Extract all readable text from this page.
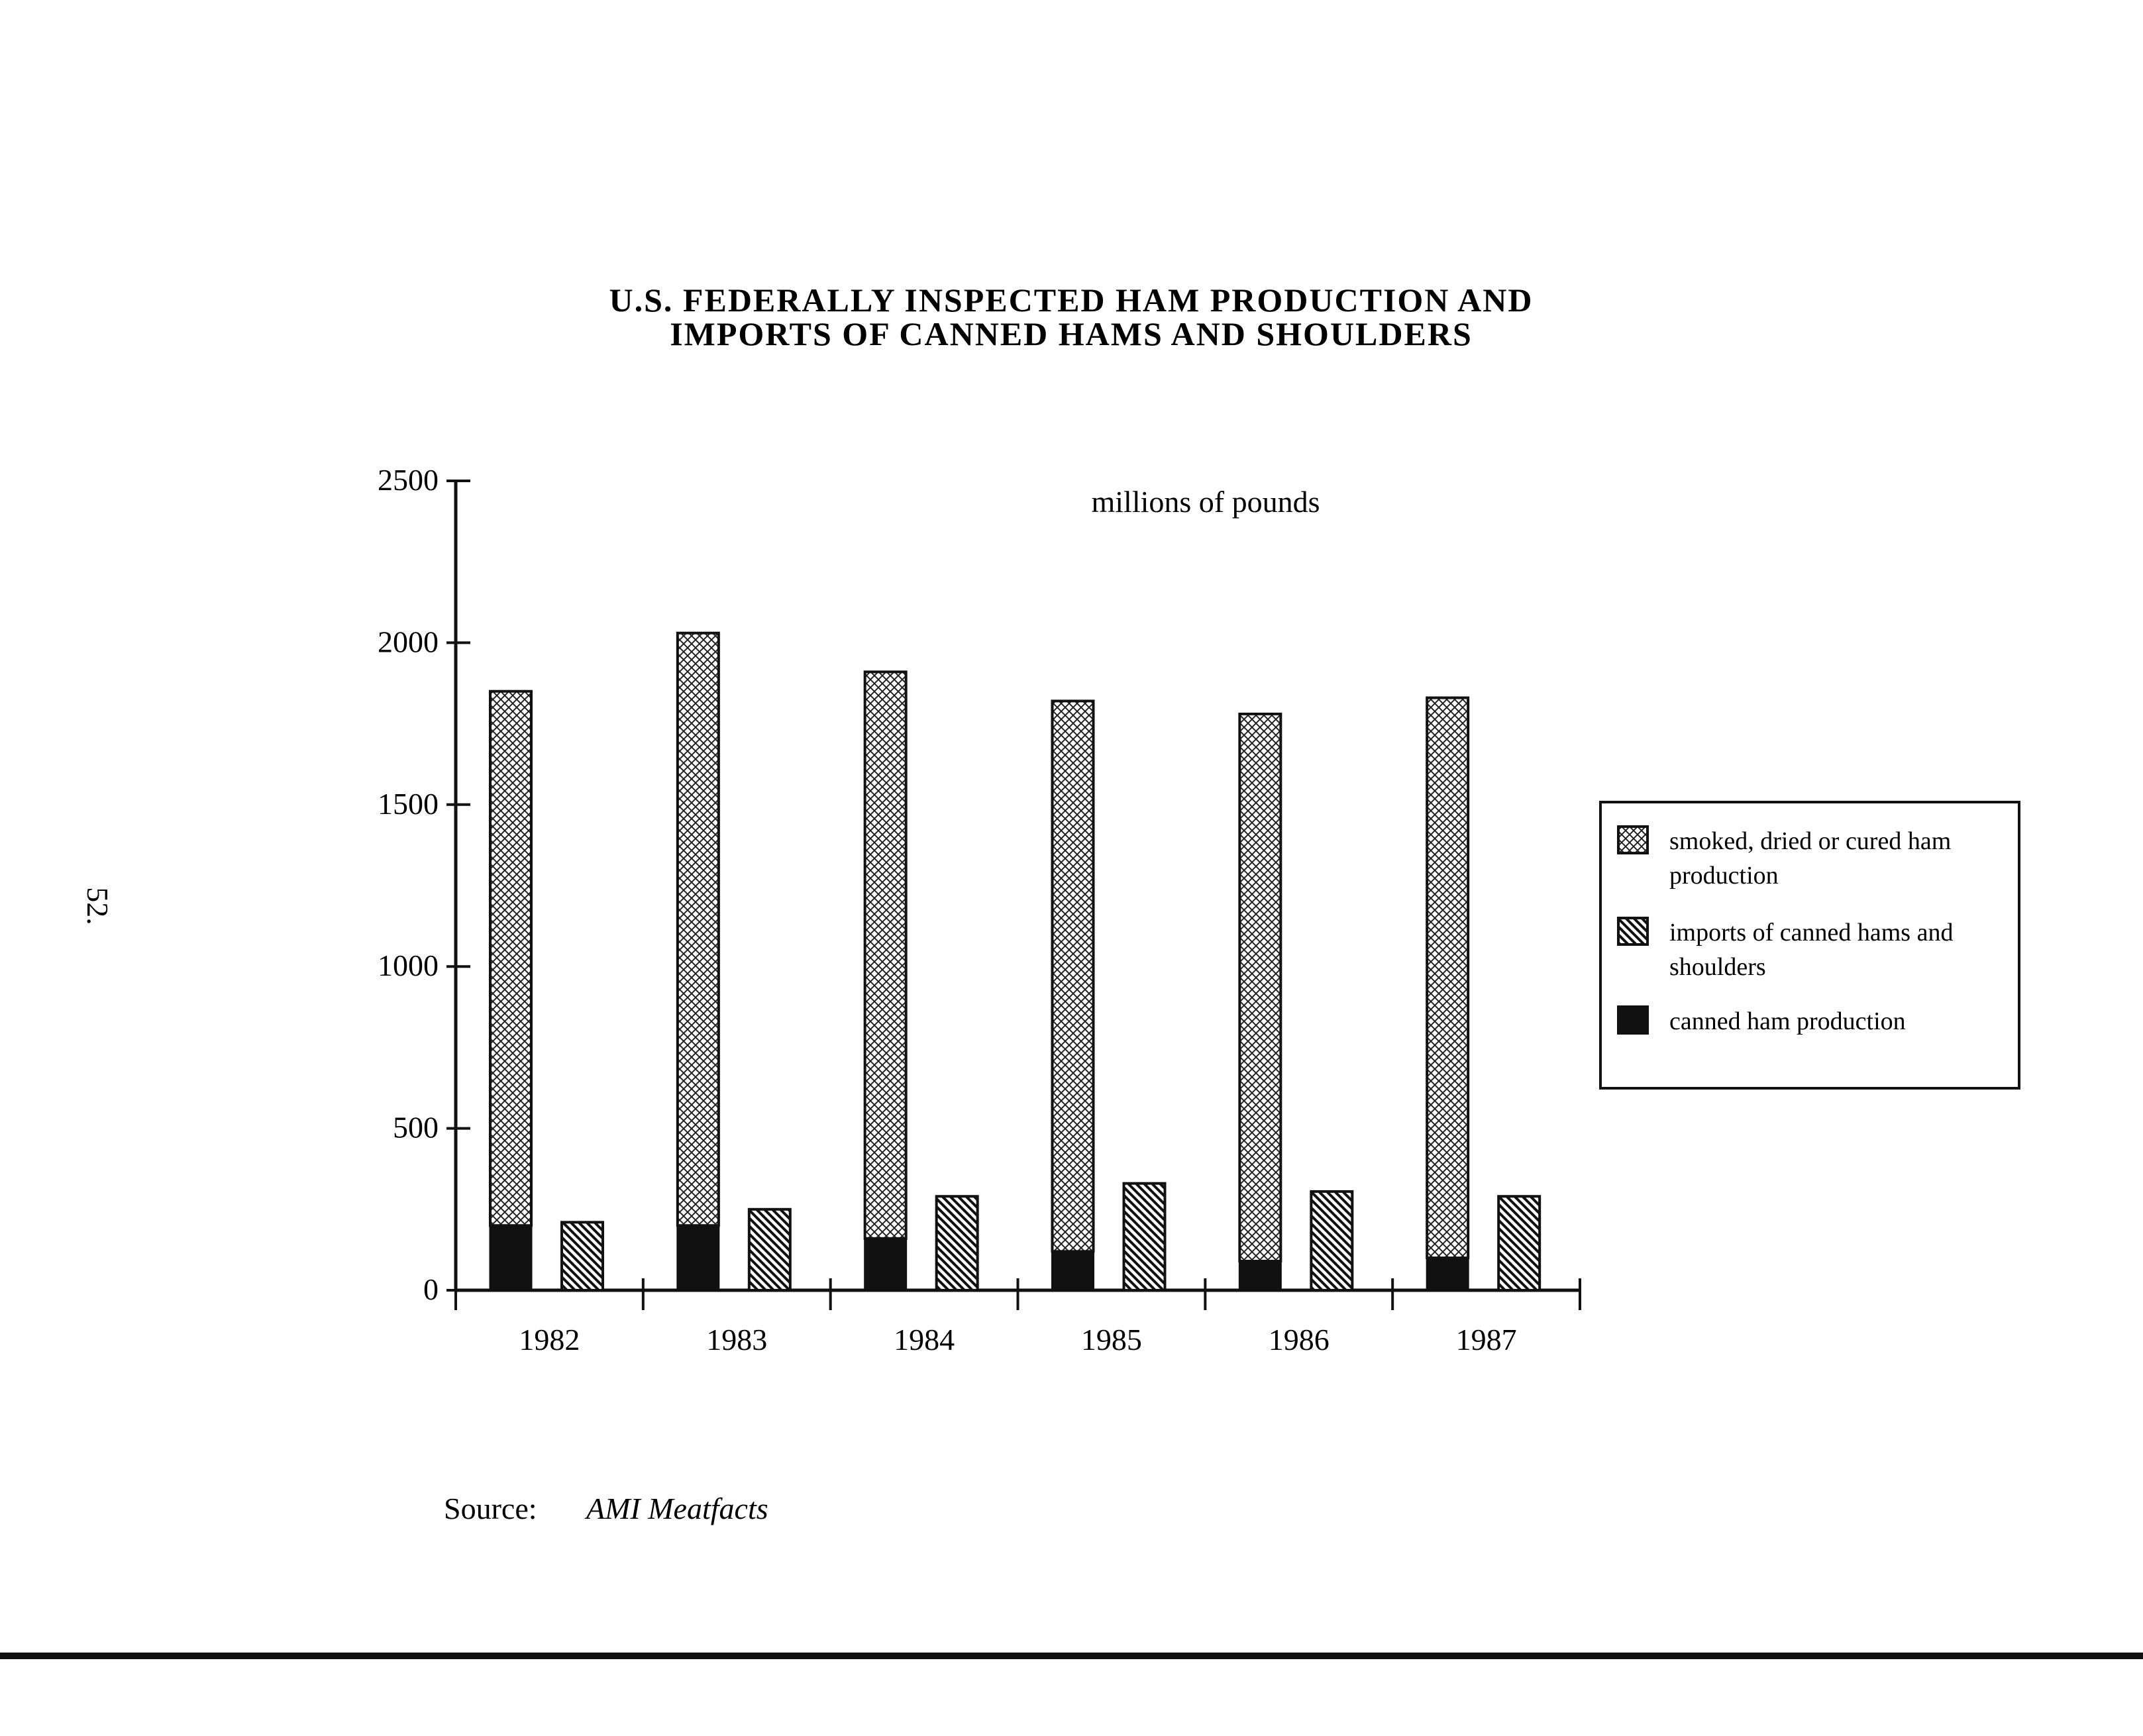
52.
U.S. FEDERALLY INSPECTED HAM PRODUCTION AND
IMPORTS OF CANNED HAMS AND SHOULDERS
millions of pounds
1982	1983	1984	1985	1986	1987
0
500
1000
1500
2000
2500
smoked, dried or cured ham
production
imports of canned hams and
shoulders
canned ham production
Source: AMI Meatfacts
